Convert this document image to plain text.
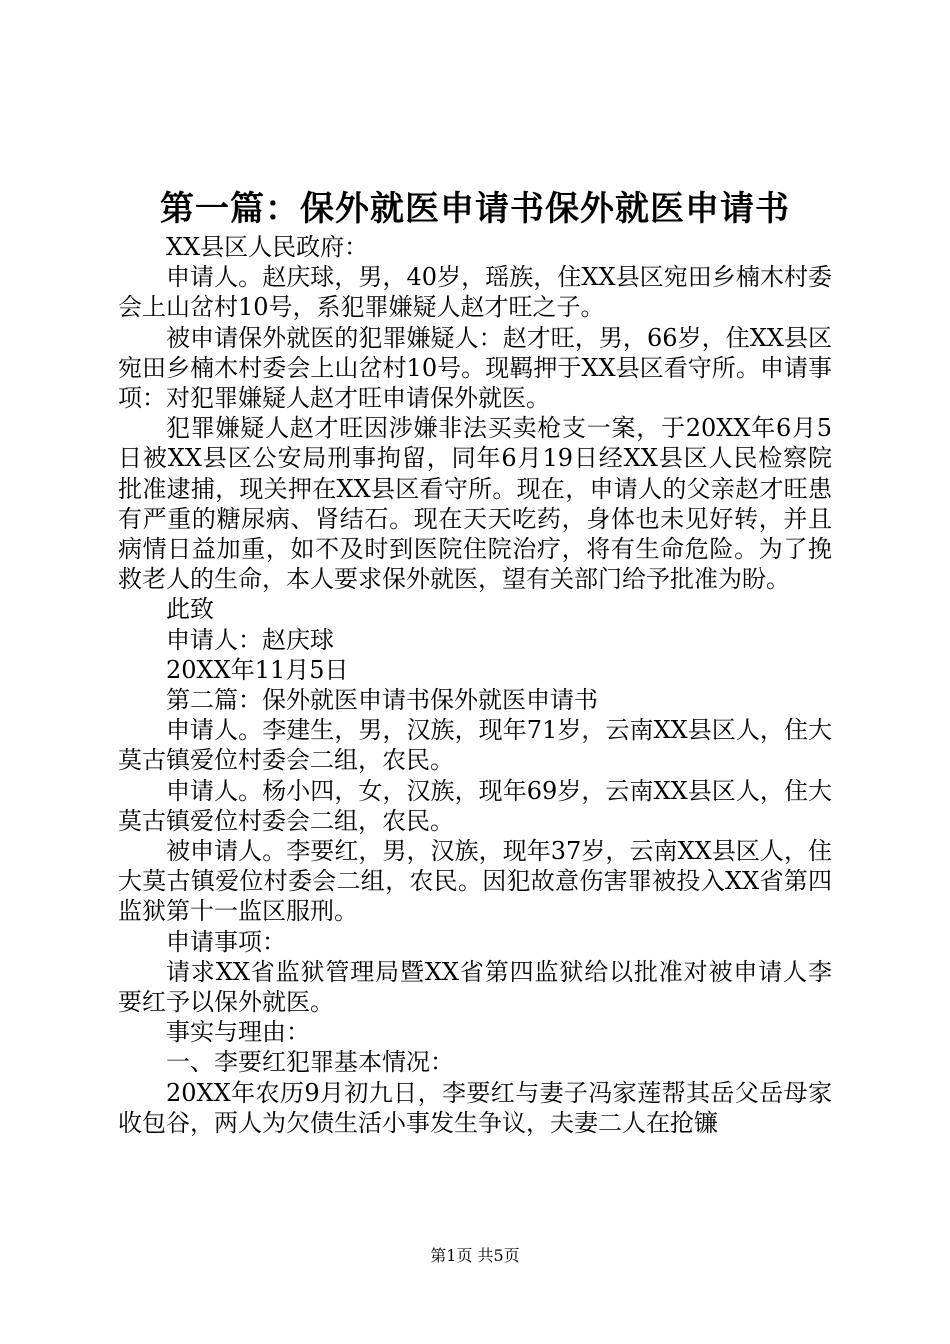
第一篇：保外就医申请书保外就医申请书

XX县区人民政府：

申请人。赵庆球，男，40岁，瑶族，住XX县区宛田乡楠木村委会上山岔村10号，系犯罪嫌疑人赵才旺之子。

被申请保外就医的犯罪嫌疑人：赵才旺，男，66岁，住XX县区宛田乡楠木村委会上山岔村10号。现羁押于XX县区看守所。申请事项：对犯罪嫌疑人赵才旺申请保外就医。

犯罪嫌疑人赵才旺因涉嫌非法买卖枪支一案，于20XX年6月5日被XX县区公安局刑事拘留，同年6月19日经XX县区人民检察院批准逮捕，现关押在XX县区看守所。现在，申请人的父亲赵才旺患有严重的糖尿病、肾结石。现在天天吃药，身体也未见好转，并且病情日益加重，如不及时到医院住院治疗，将有生命危险。为了挽救老人的生命，本人要求保外就医，望有关部门给予批准为盼。

此致

申请人：赵庆球

20XX年11月5日

第二篇：保外就医申请书保外就医申请书

申请人。李建生，男，汉族，现年71岁，云南XX县区人，住大莫古镇爱位村委会二组，农民。

申请人。杨小四，女，汉族，现年69岁，云南XX县区人，住大莫古镇爱位村委会二组，农民。

被申请人。李要红，男，汉族，现年37岁，云南XX县区人，住大莫古镇爱位村委会二组，农民。因犯故意伤害罪被投入XX省第四监狱第十一监区服刑。

申请事项：

请求XX省监狱管理局暨XX省第四监狱给以批准对被申请人李要红予以保外就医。

事实与理由：

一、李要红犯罪基本情况：

20XX年农历9月初九日，李要红与妻子冯家莲帮其岳父岳母家收包谷，两人为欠债生活小事发生争议，夫妻二人在抢镰

第1页 共5页
